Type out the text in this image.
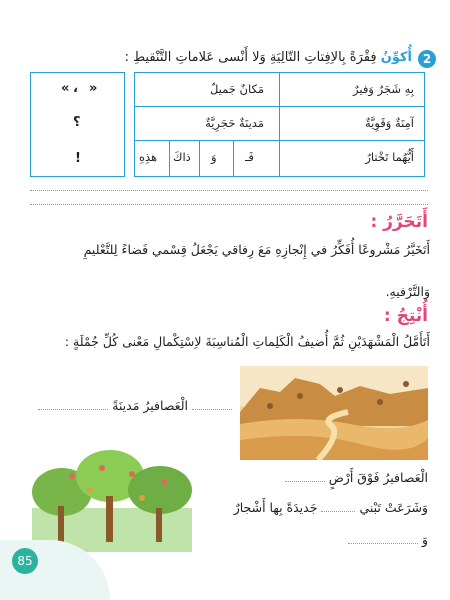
2
أُكوِّنُ فِقْرَةً بِالاِفِتاتِ التّالِيَةِ وَلا أَنْسى عَلاماتِ التَّنْقيطِ :
بِهِ شَجَرٌ وَفيرٌ
مَكانٌ جَميلٌ
آمِنَةٌ وَقَوِيَّةٌ
مَدينَةٌ حَجَرِيَّةٌ
أَيُّهُما تَخْتارُ
فَـ
وَ
ذاكَ
هذِهِ
«
،
»
؟
!
أَتَحَرَّرُ :
أَتَخَيَّرُ مَشْروعًا أُفَكِّرُ في إِنْجازِهِ مَعَ رِفاقي يَجْعَلُ قِسْمي فَضاءً لِلتَّعْليمِ
وَالتَّرْفيهِ.
أُنْتِجُ :
أَتَأَمَّلُ الْمَشْهَدَيْنِ ثُمَّ أُضيفُ الْكَلِماتِ الْمُناسِبَةَ لاِسْتِكْمالِ مَعْنى كُلِّ جُمْلَةٍ :
الْعَصافيرُ مَدينَةً
الْعَصافيرُ فَوْقَ أَرْضٍ
وَشَرَعَتْ تَبْني
جَديدَةً بِها أَشْجارٌ
وَ
85
